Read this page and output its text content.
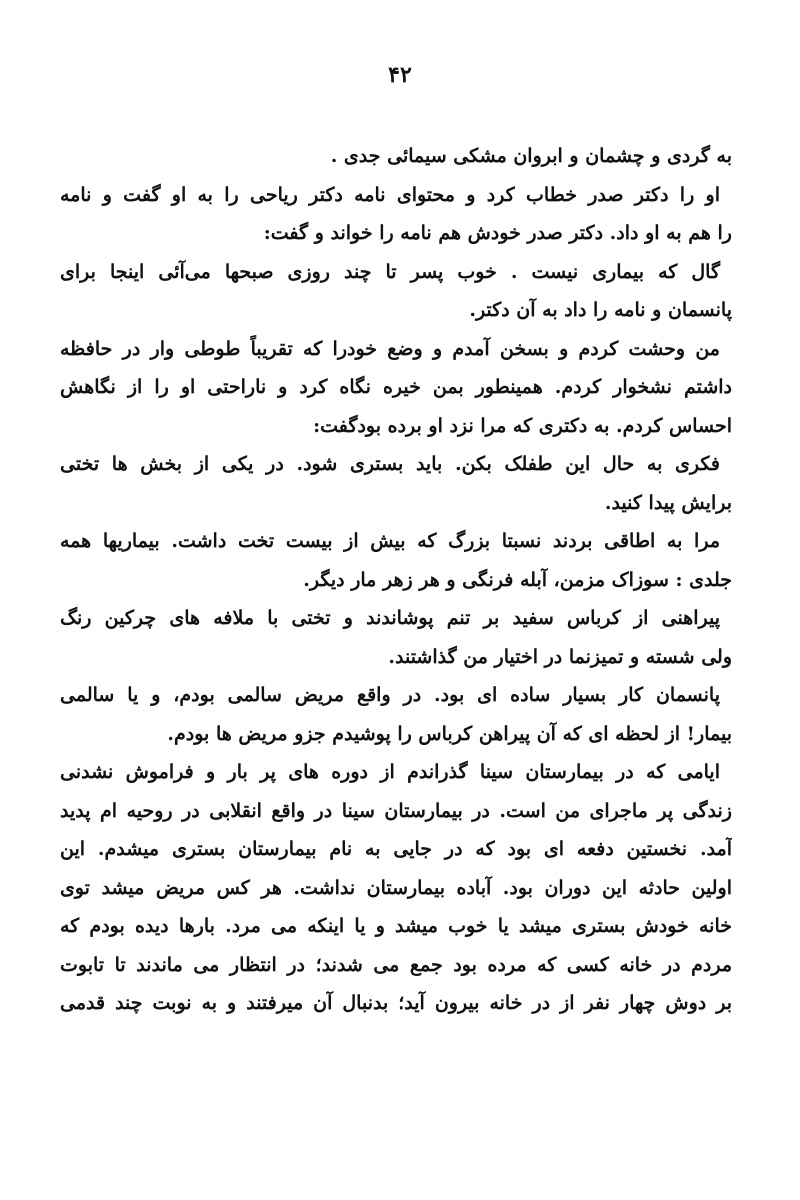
۴۲
به گردی و چشمان و ابروان مشکی سیمائی جدی .
او را دکتر صدر خطاب کرد و محتوای نامه دکتر ریاحی را به او گفت و نامه
را هم به او داد. دکتر صدر خودش هم نامه را خواند و گفت:
گال که بیماری نیست . خوب پسر تا چند روزی صبحها می‌آئی اینجا برای
پانسمان و نامه را داد به آن دکتر.
من وحشت کردم و بسخن آمدم و وضع خودرا که تقریباً طوطی وار در حافظه
داشتم نشخوار کردم. همینطور بمن خیره نگاه کرد و ناراحتی او را از نگاهش
احساس کردم. به دکتری که مرا نزد او برده بودگفت:
فکری به حال این طفلک بکن. باید بستری شود. در یکی از بخش ها تختی
برایش پیدا کنید.
مرا به اطاقی بردند نسبتا بزرگ که بیش از بیست تخت داشت. بیماریها همه
جلدی : سوزاک مزمن، آبله فرنگی و هر زهر مار دیگر.
پیراهنی از کرباس سفید بر تنم پوشاندند و تختی با ملافه های چرکین رنگ
ولی شسته و تمیزنما در اختیار من گذاشتند.
پانسمان کار بسیار ساده ای بود. در واقع مریض سالمی بودم، و یا سالمی
بیمار! از لحظه ای که آن پیراهن کرباس را پوشیدم جزو مریض ها بودم.
ایامی که در بیمارستان سینا گذراندم از دوره های پر بار و فراموش نشدنی
زندگی پر ماجرای من است. در بیمارستان سینا در واقع انقلابی در روحیه ام پدید
آمد. نخستین دفعه ای بود که در جایی به نام بیمارستان بستری میشدم. این
اولین حادثه این دوران بود. آباده بیمارستان نداشت. هر کس مریض میشد توی
خانه خودش بستری میشد یا خوب میشد و یا اینکه می مرد. بارها دیده بودم که
مردم در خانه کسی که مرده بود جمع می شدند؛ در انتظار می ماندند تا تابوت
بر دوش چهار نفر از در خانه بیرون آید؛ بدنبال آن میرفتند و به نوبت چند قدمی
